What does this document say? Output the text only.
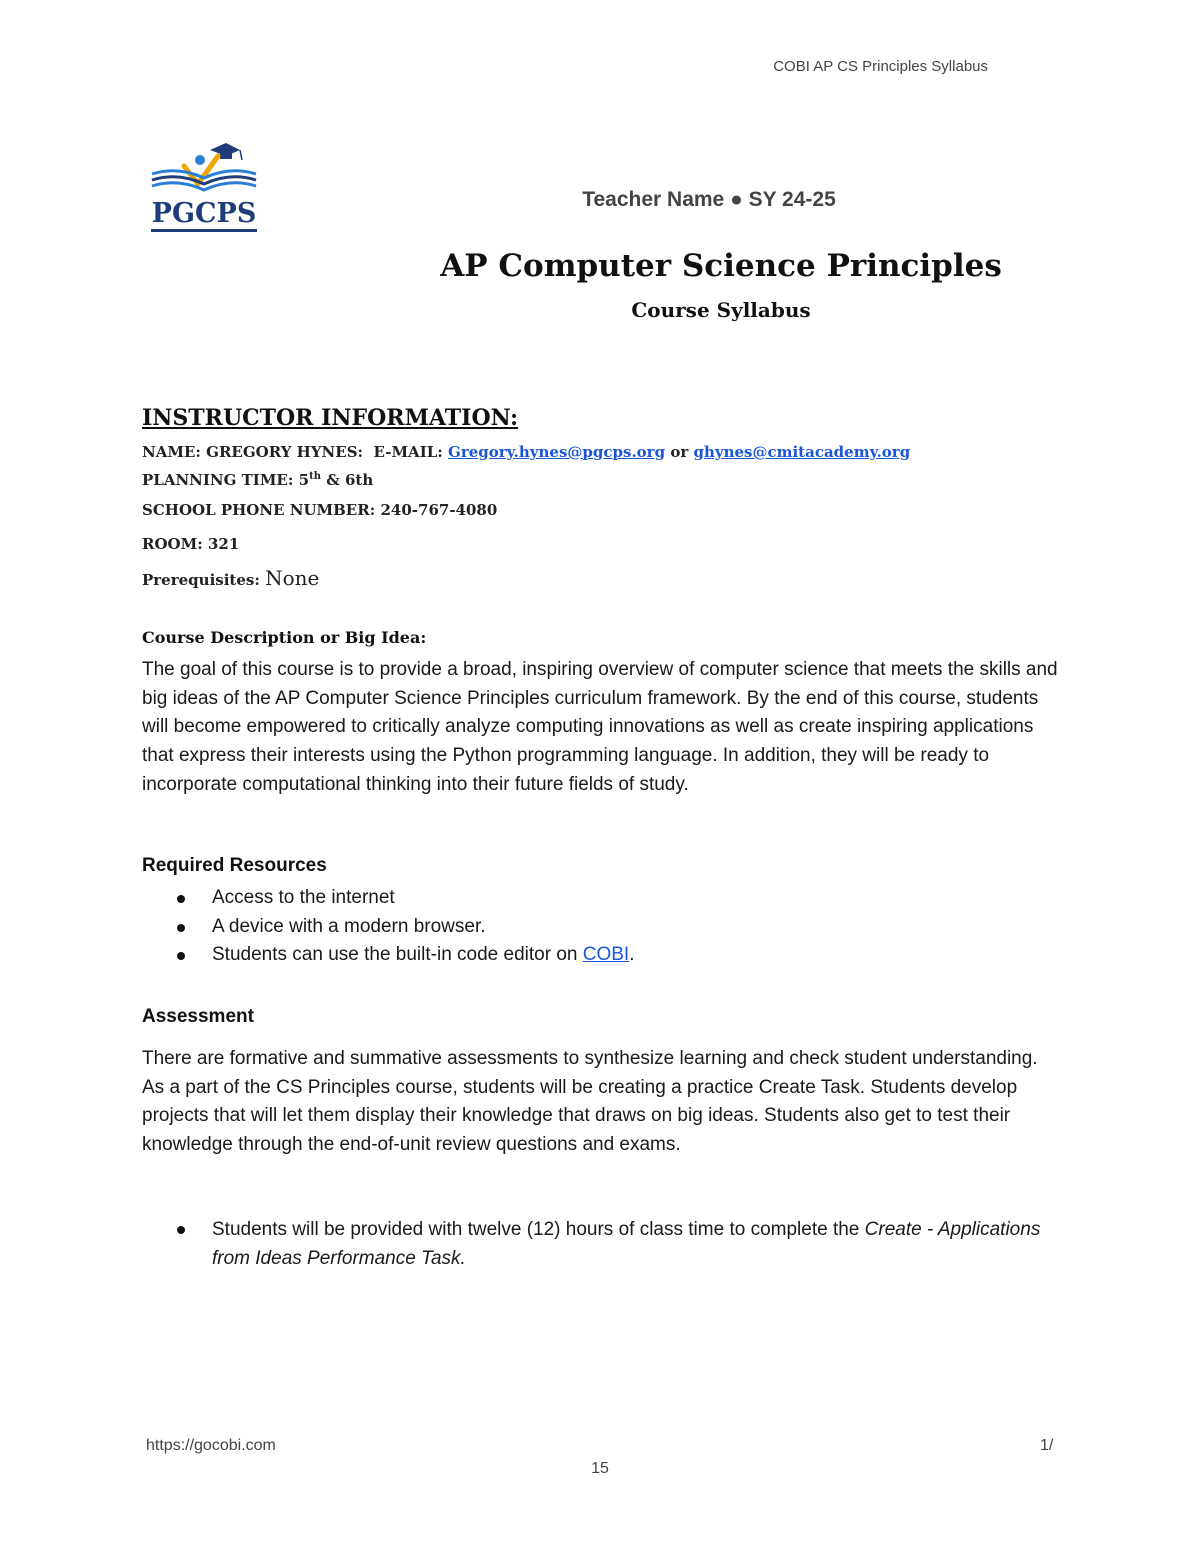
COBI AP CS Principles Syllabus
PGCPS	Teacher Name ● SY 24-25
AP Computer Science Principles
Course Syllabus
INSTRUCTOR INFORMATION:
NAME: GREGORY HYNES: E-MAIL: Gregory.hynes@pgcps.org or ghynes@cmitacademy.org
PLANNING TIME: 5th & 6th
SCHOOL PHONE NUMBER: 240-767-4080
ROOM: 321
Prerequisites: None
Course Description or Big Idea:
The goal of this course is to provide a broad, inspiring overview of computer science that meets the skills and big ideas of the AP Computer Science Principles curriculum framework. By the end of this course, students will become empowered to critically analyze computing innovations as well as create inspiring applications that express their interests using the Python programming language. In addition, they will be ready to incorporate computational thinking into their future fields of study.
Required Resources
Access to the internet
A device with a modern browser.
Students can use the built-in code editor on COBI.
Assessment
There are formative and summative assessments to synthesize learning and check student understanding. As a part of the CS Principles course, students will be creating a practice Create Task. Students develop projects that will let them display their knowledge that draws on big ideas. Students also get to test their knowledge through the end-of-unit review questions and exams.
Students will be provided with twelve (12) hours of class time to complete the Create - Applications from Ideas Performance Task.
https://gocobi.com	1/
15
